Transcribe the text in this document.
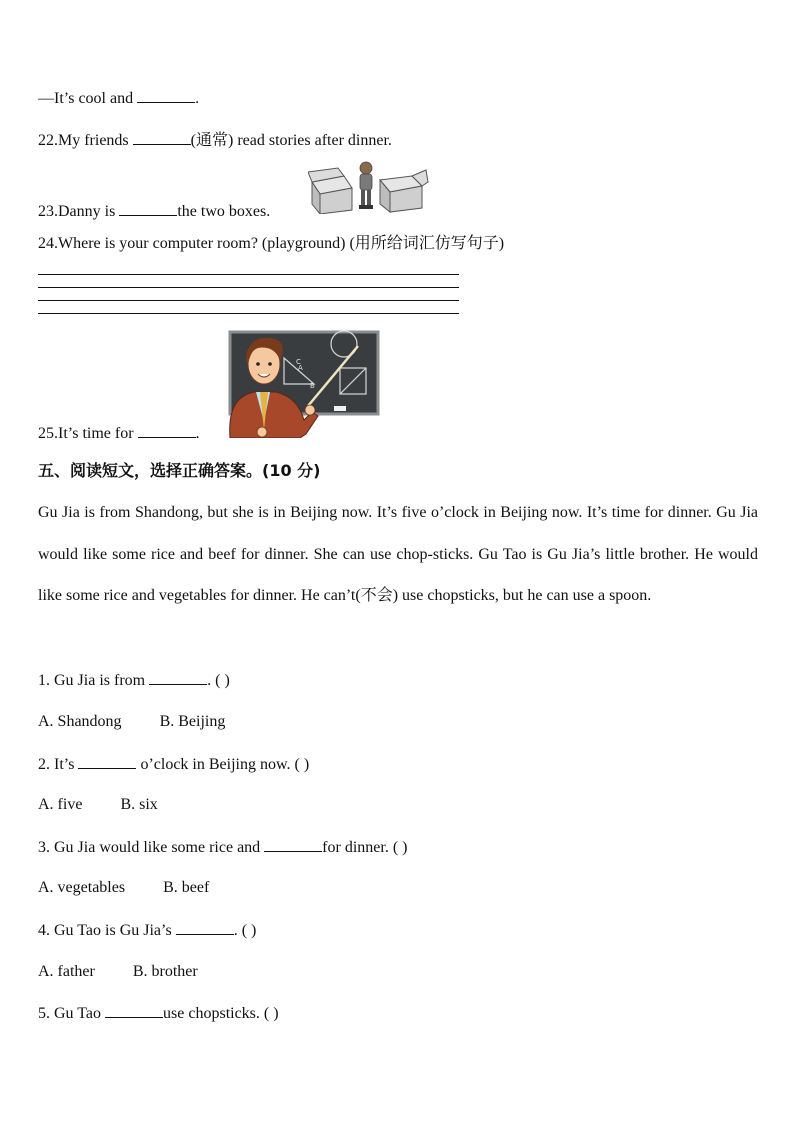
—It’s cool and	.
22.My friends	(通常) read stories after dinner.
23.Danny is	the two boxes.
24.Where is your computer room? (playground) (用所给词汇仿写句子)
C
A
B
25.It’s time for	.
五、阅读短文，选择正确答案。(10 分)
Gu Jia is from Shandong, but she is in Beijing now. It’s five o’clock in Beijing now. It’s time for dinner. Gu Jia would like some rice and beef for dinner. She can use chop-sticks. Gu Tao is Gu Jia’s little brother. He would like some rice and vegetables for dinner. He can’t(不会) use chopsticks, but he can use a spoon.
1. Gu Jia is from	. ( )
A. Shandong B. Beijing
2. It’s	o’clock in Beijing now. ( )
A. five B. six
3. Gu Jia would like some rice and	for dinner. ( )
A. vegetables B. beef
4. Gu Tao is Gu Jia’s	. ( )
A. father B. brother
5. Gu Tao	use chopsticks. ( )
